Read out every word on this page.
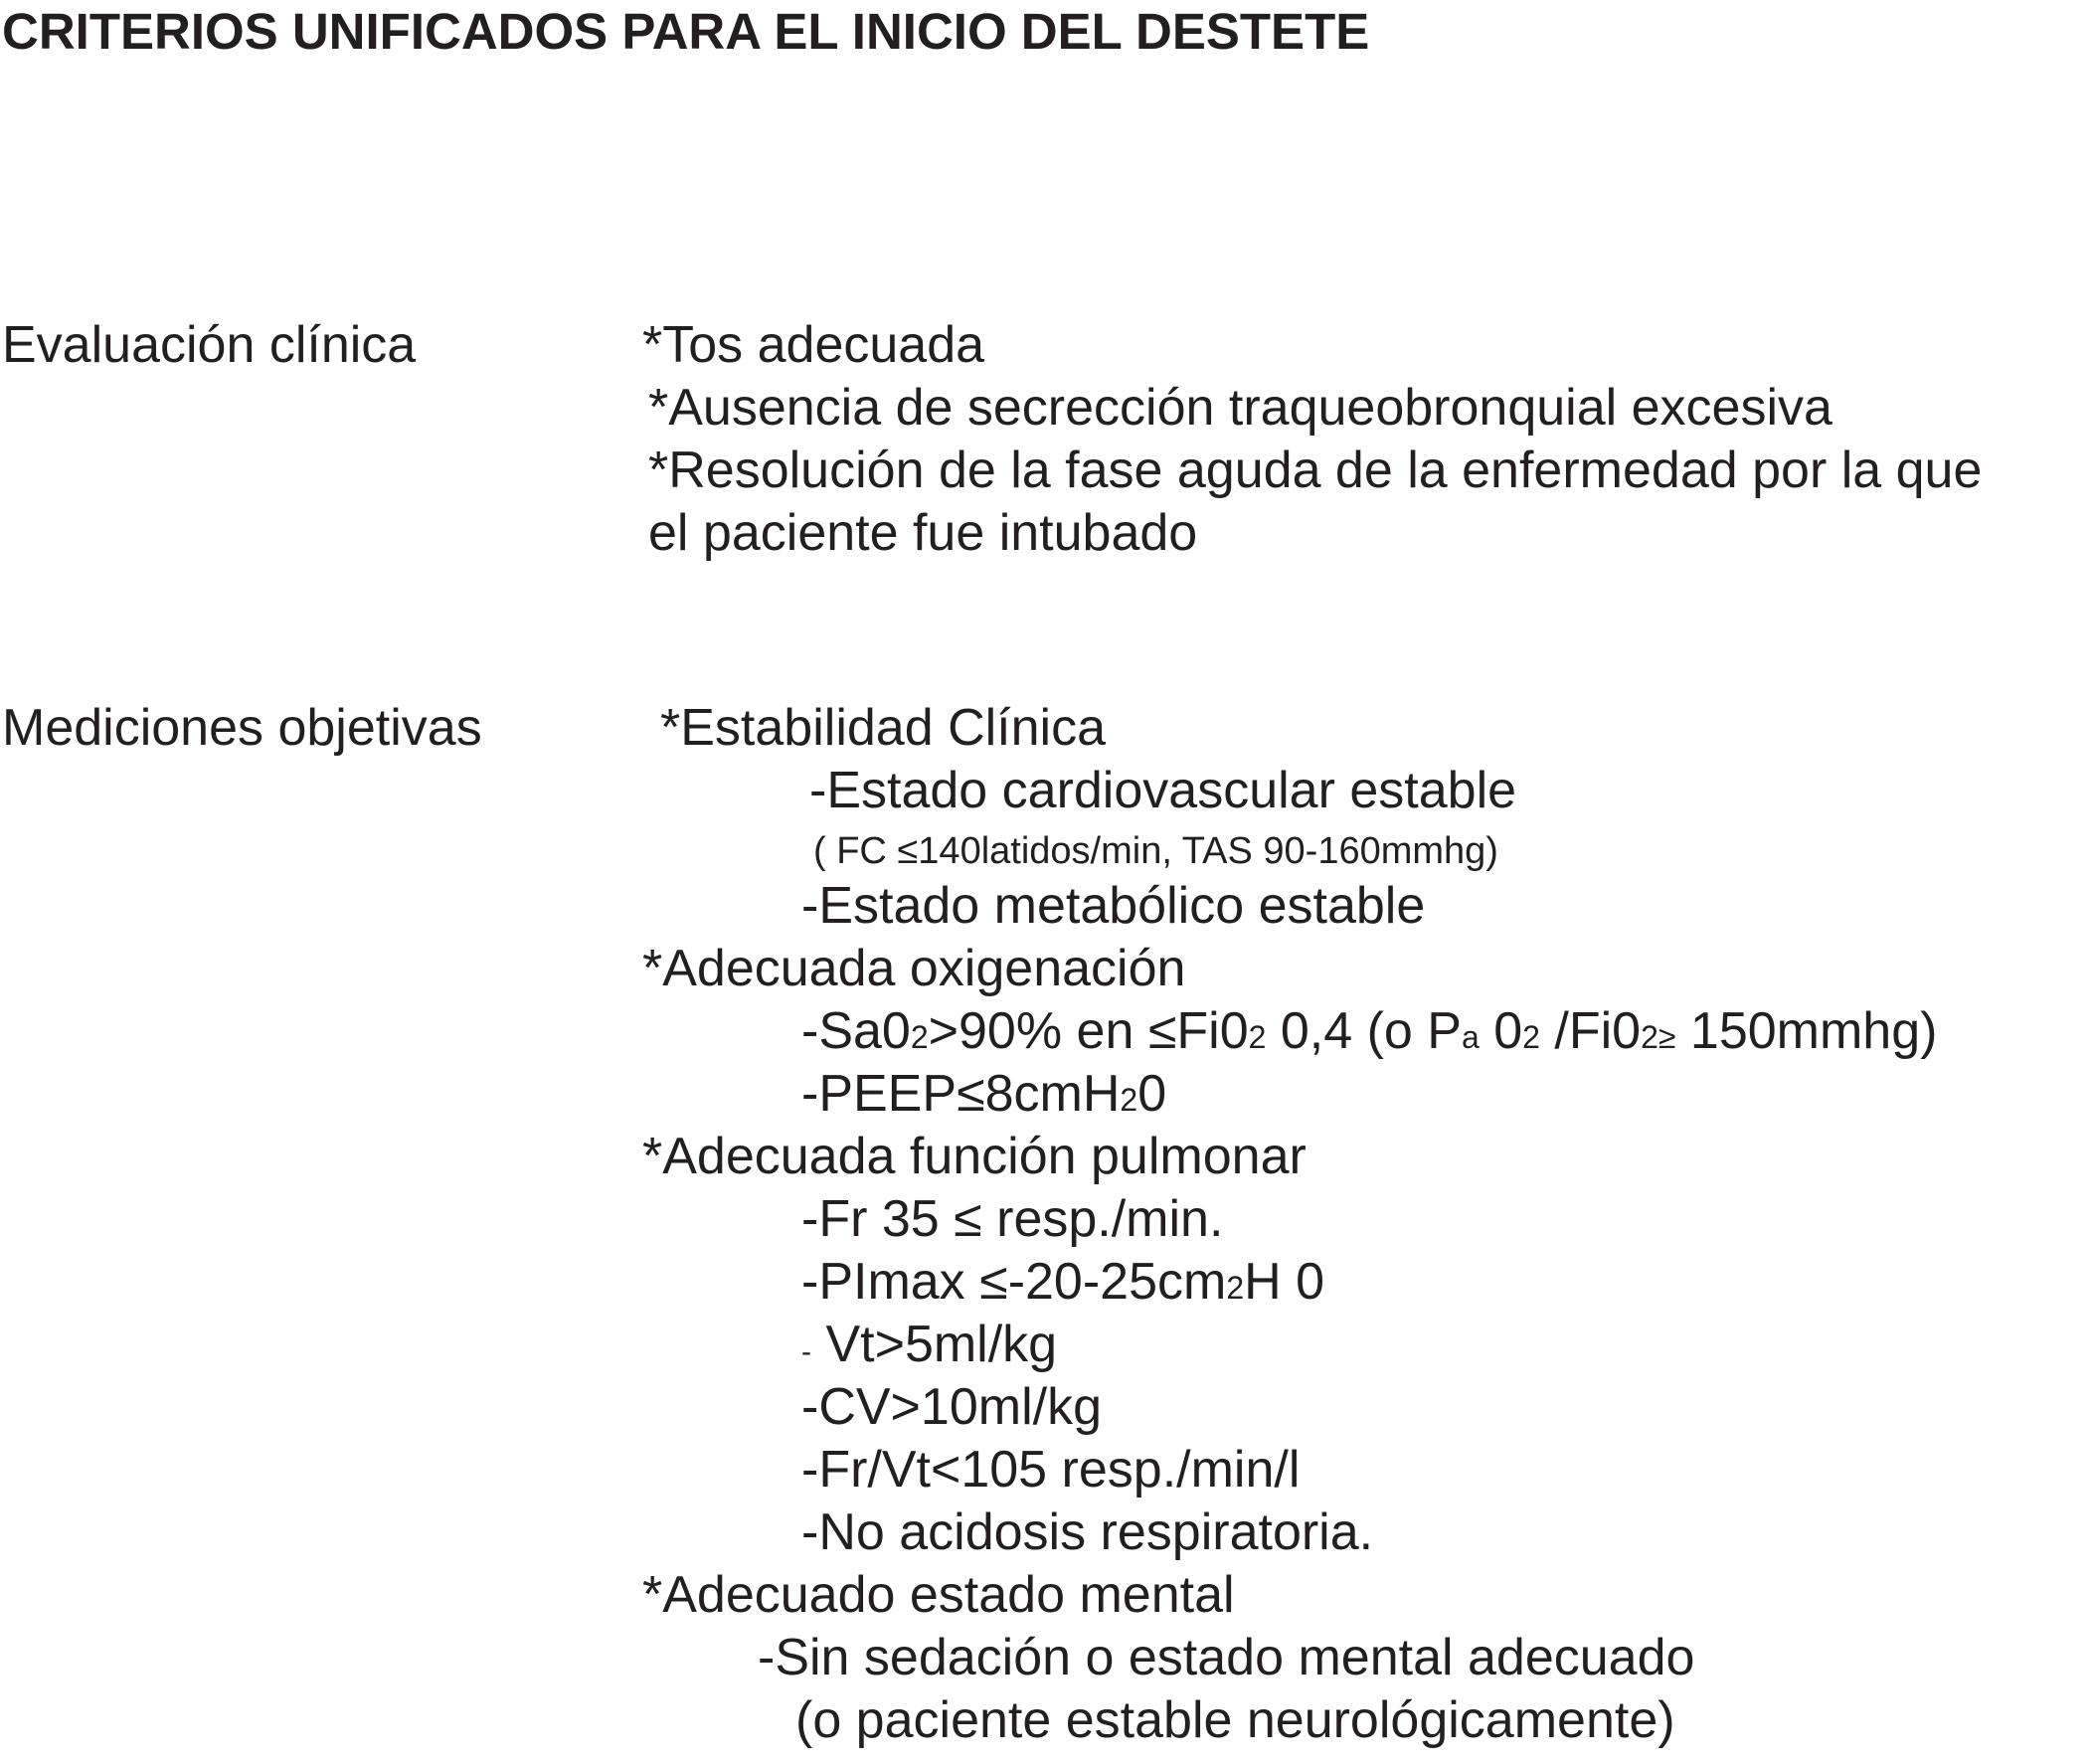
CRITERIOS UNIFICADOS PARA EL INICIO DEL DESTETE
Evaluación clínica	*Tos adecuada
*Ausencia de secrección traqueobronquial excesiva
*Resolución de la fase aguda de la enfermedad por la que
el paciente fue intubado
Mediciones objetivas	*Estabilidad Clínica
-Estado cardiovascular estable
( FC ≤140latidos/min, TAS 90-160mmhg)
-Estado metabólico estable
*Adecuada oxigenación
-Sa02>90% en ≤Fi02 0,4 (o Pa 02 /Fi02≥ 150mmhg)
-PEEP≤8cmH20
*Adecuada función pulmonar
-Fr 35 ≤ resp./min.
-PImax ≤-20-25cm2H 0
- Vt>5ml/kg
-CV>10ml/kg
-Fr/Vt<105 resp./min/l
-No acidosis respiratoria.
*Adecuado estado mental
-Sin sedación o estado mental adecuado
(o paciente estable neurológicamente)
